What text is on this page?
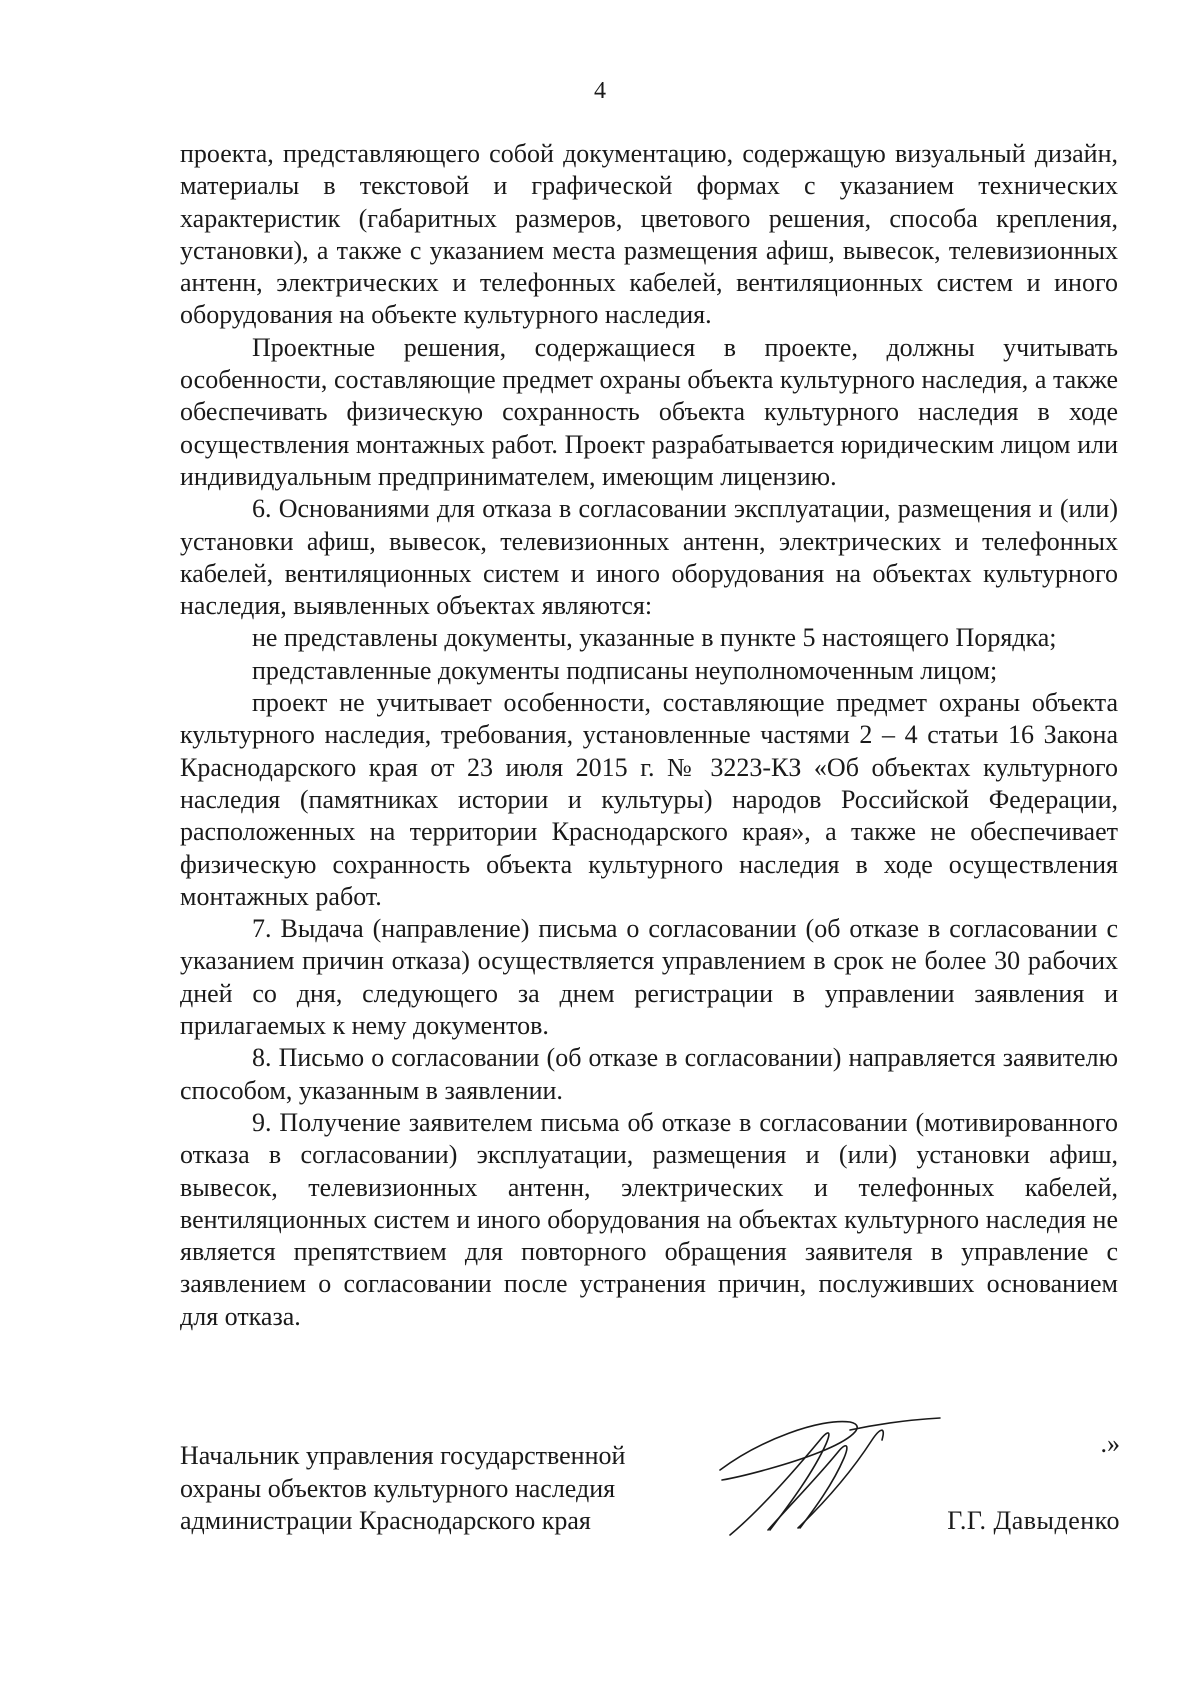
4

проекта, представляющего собой документацию, содержащую визуальный дизайн, материалы в текстовой и графической формах с указанием технических характеристик (габаритных размеров, цветового решения, способа крепления, установки), а также с указанием места размещения афиш, вывесок, телевизионных антенн, электрических и телефонных кабелей, вентиляционных систем и иного оборудования на объекте культурного наследия.

Проектные решения, содержащиеся в проекте, должны учитывать особенности, составляющие предмет охраны объекта культурного наследия, а также обеспечивать физическую сохранность объекта культурного наследия в ходе осуществления монтажных работ. Проект разрабатывается юридическим лицом или индивидуальным предпринимателем, имеющим лицензию.

6. Основаниями для отказа в согласовании эксплуатации, размещения и (или) установки афиш, вывесок, телевизионных антенн, электрических и телефонных кабелей, вентиляционных систем и иного оборудования на объектах культурного наследия, выявленных объектах являются:

не представлены документы, указанные в пункте 5 настоящего Порядка;

представленные документы подписаны неуполномоченным лицом;

проект не учитывает особенности, составляющие предмет охраны объекта культурного наследия, требования, установленные частями 2 – 4 статьи 16 Закона Краснодарского края от 23 июля 2015 г. № 3223-КЗ «Об объектах культурного наследия (памятниках истории и культуры) народов Российской Федерации, расположенных на территории Краснодарского края», а также не обеспечивает физическую сохранность объекта культурного наследия в ходе осуществления монтажных работ.

7. Выдача (направление) письма о согласовании (об отказе в согласовании с указанием причин отказа) осуществляется управлением в срок не более 30 рабочих дней со дня, следующего за днем регистрации в управлении заявления и прилагаемых к нему документов.

8. Письмо о согласовании (об отказе в согласовании) направляется заявителю способом, указанным в заявлении.

9. Получение заявителем письма об отказе в согласовании (мотивированного отказа в согласовании) эксплуатации, размещения и (или) установки афиш, вывесок, телевизионных антенн, электрических и телефонных кабелей, вентиляционных систем и иного оборудования на объектах культурного наследия не является препятствием для повторного обращения заявителя в управление с заявлением о согласовании после устранения причин, послуживших основанием для отказа.

.»
Начальник управления государственной
охраны объектов культурного наследия
администрации Краснодарского края	Г.Г. Давыденко
